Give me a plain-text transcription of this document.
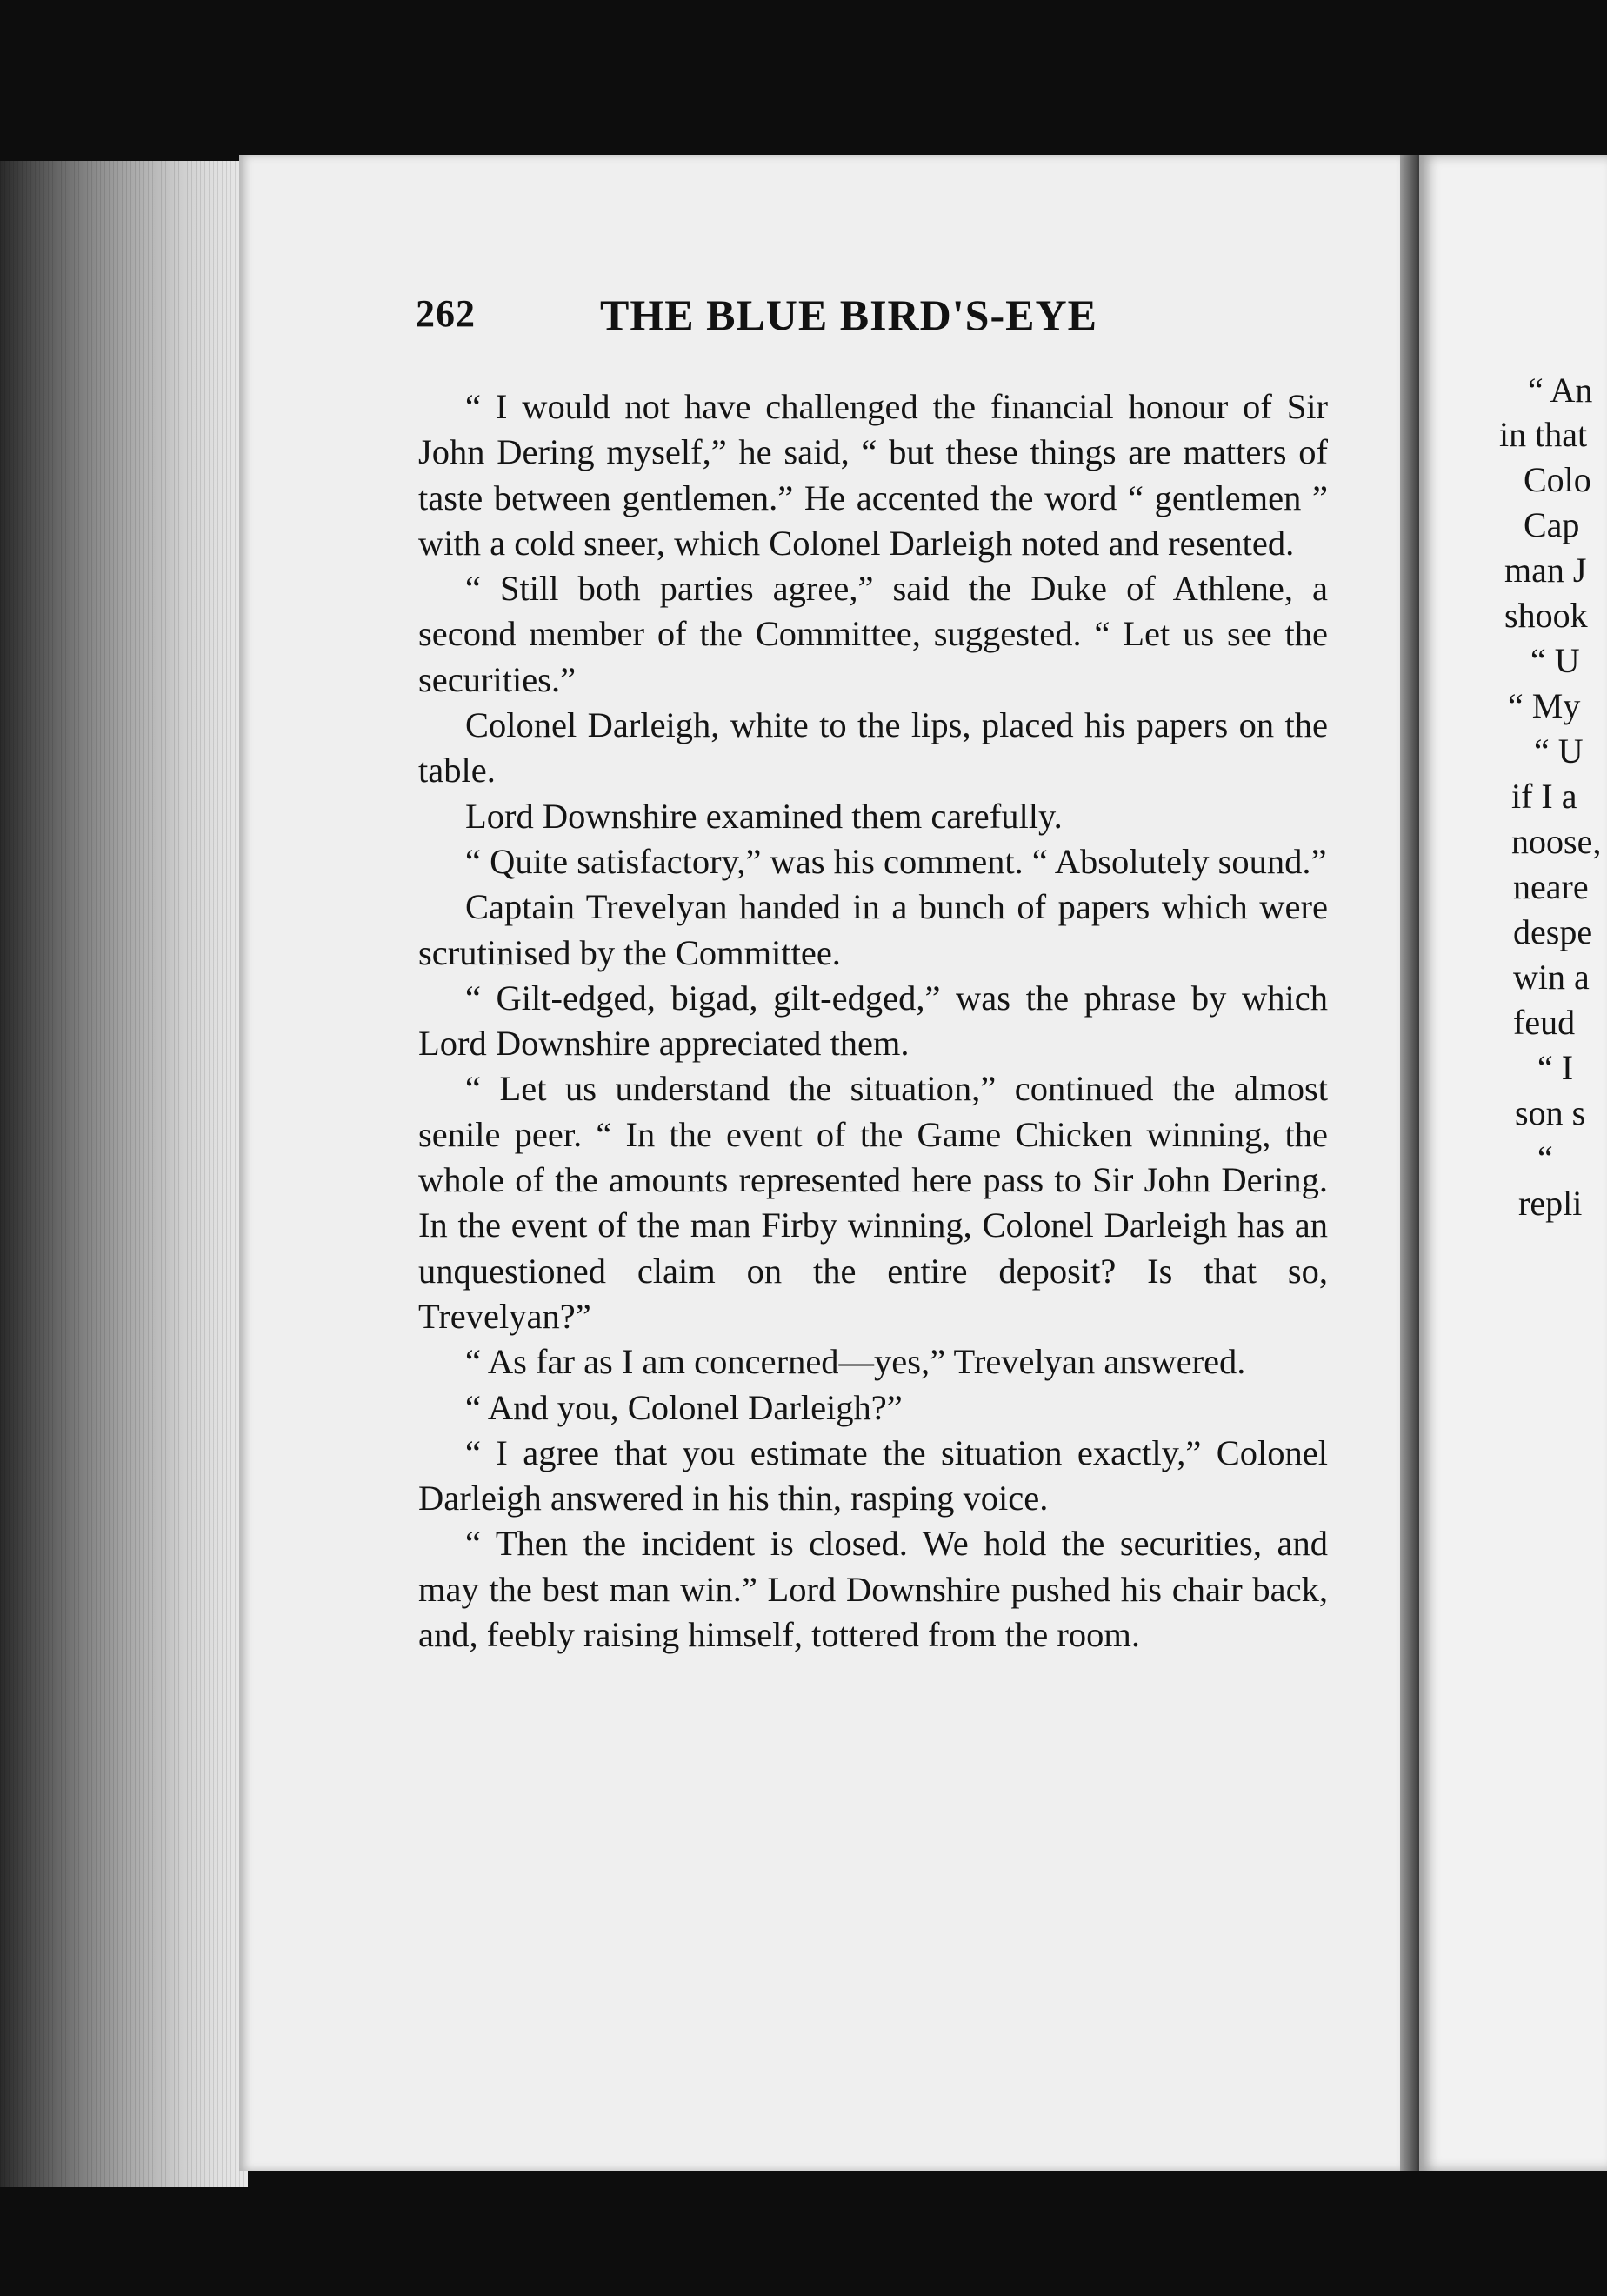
“ An
in that
Colo
Cap
man J
shook
“ U
“ My
“ U
if I a
noose,
neare
despe
win a
feud
“ I
son s
“
repli
262	THE BLUE BIRD'S-EYE

“ I would not have challenged the financial honour of Sir John Dering myself,” he said, “ but these things are matters of taste between gentlemen.” He accented the word “ gentlemen ” with a cold sneer, which Colonel Darleigh noted and resented.

“ Still both parties agree,” said the Duke of Athlene, a second member of the Committee, suggested. “ Let us see the securities.”

Colonel Darleigh, white to the lips, placed his papers on the table.

Lord Downshire examined them carefully.

“ Quite satisfactory,” was his comment. “ Absolutely sound.”

Captain Trevelyan handed in a bunch of papers which were scrutinised by the Committee.

“ Gilt-edged, bigad, gilt-edged,” was the phrase by which Lord Downshire appreciated them.

“ Let us understand the situation,” continued the almost senile peer. “ In the event of the Game Chicken winning, the whole of the amounts represented here pass to Sir John Dering. In the event of the man Firby winning, Colonel Darleigh has an unquestioned claim on the entire deposit? Is that so, Trevelyan?”

“ As far as I am concerned—yes,” Trevelyan answered.

“ And you, Colonel Darleigh?”

“ I agree that you estimate the situation exactly,” Colonel Darleigh answered in his thin, rasping voice.

“ Then the incident is closed. We hold the securities, and may the best man win.” Lord Downshire pushed his chair back, and, feebly raising himself, tottered from the room.
